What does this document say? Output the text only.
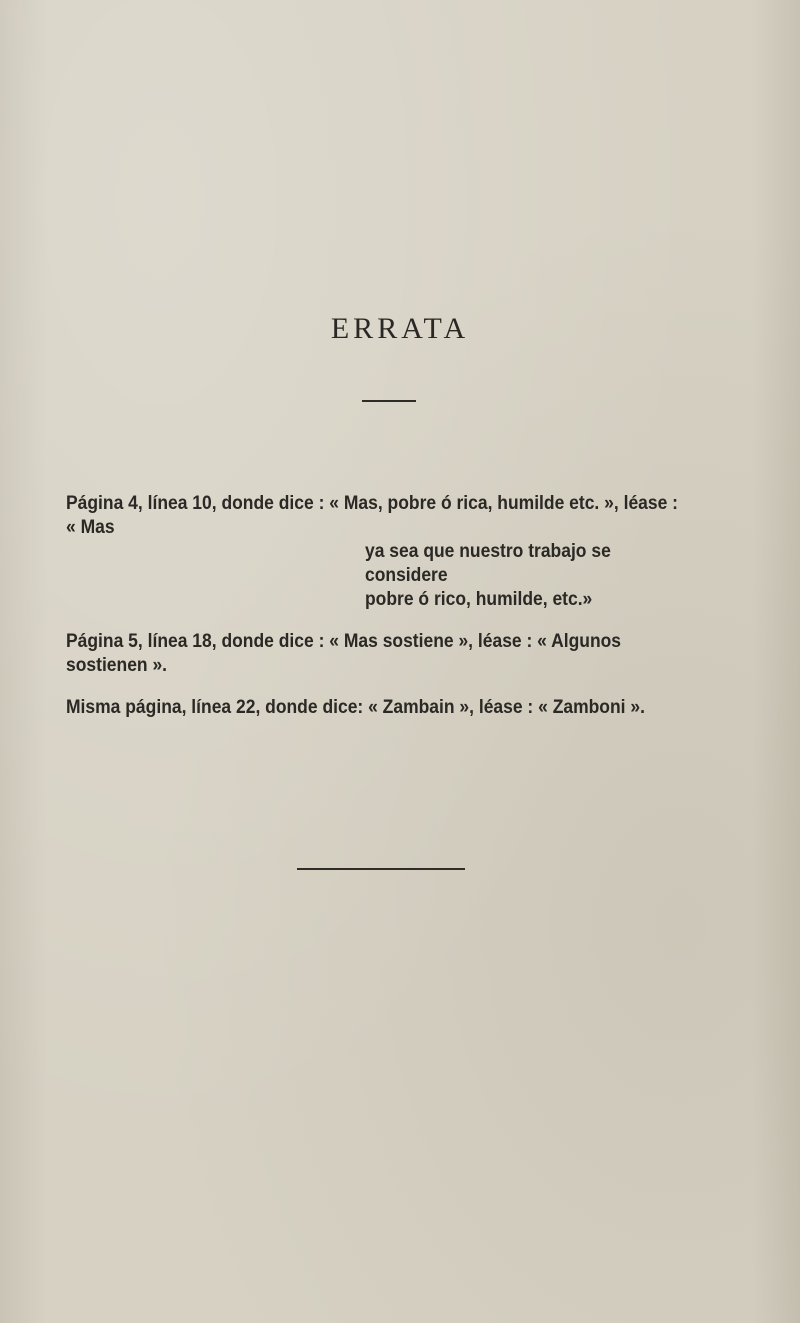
ERRATA

Página 4, línea 10, donde dice : « Mas, pobre ó rica, humilde etc. », léase : « Mas
ya sea que nuestro trabajo se considere
pobre ó rico, humilde, etc.»

Página 5, línea 18, donde dice : « Mas sostiene », léase : « Algunos sostienen ».

Misma página, línea 22, donde dice: « Zambain », léase : « Zamboni ».
